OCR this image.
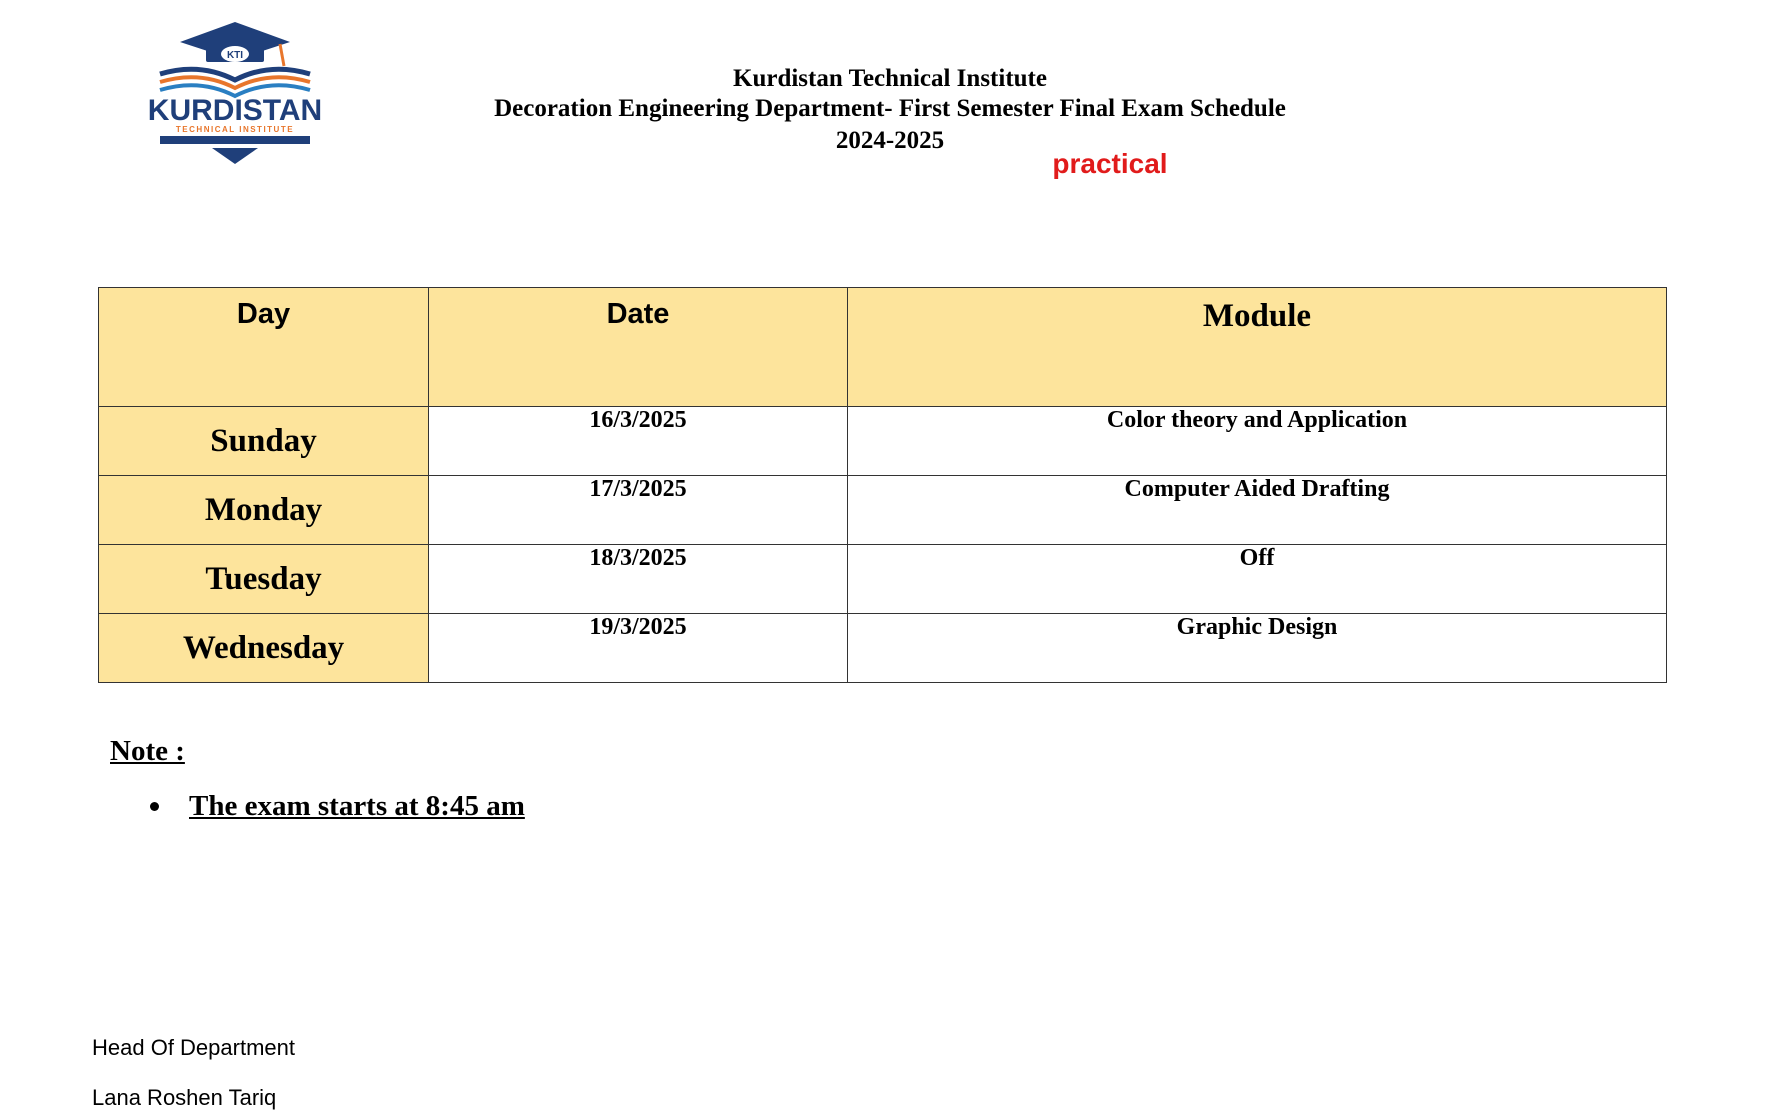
KTI
KURDISTAN
TECHNICAL INSTITUTE
Kurdistan Technical Institute
Decoration Engineering Department- First Semester Final Exam Schedule
2024-2025
practical
Day	Date	Module
Sunday	16/3/2025	Color theory and Application
Monday	17/3/2025	Computer Aided Drafting
Tuesday	18/3/2025	Off
Wednesday	19/3/2025	Graphic Design
Note :
The exam starts at 8:45 am
Head Of Department
Lana Roshen Tariq
